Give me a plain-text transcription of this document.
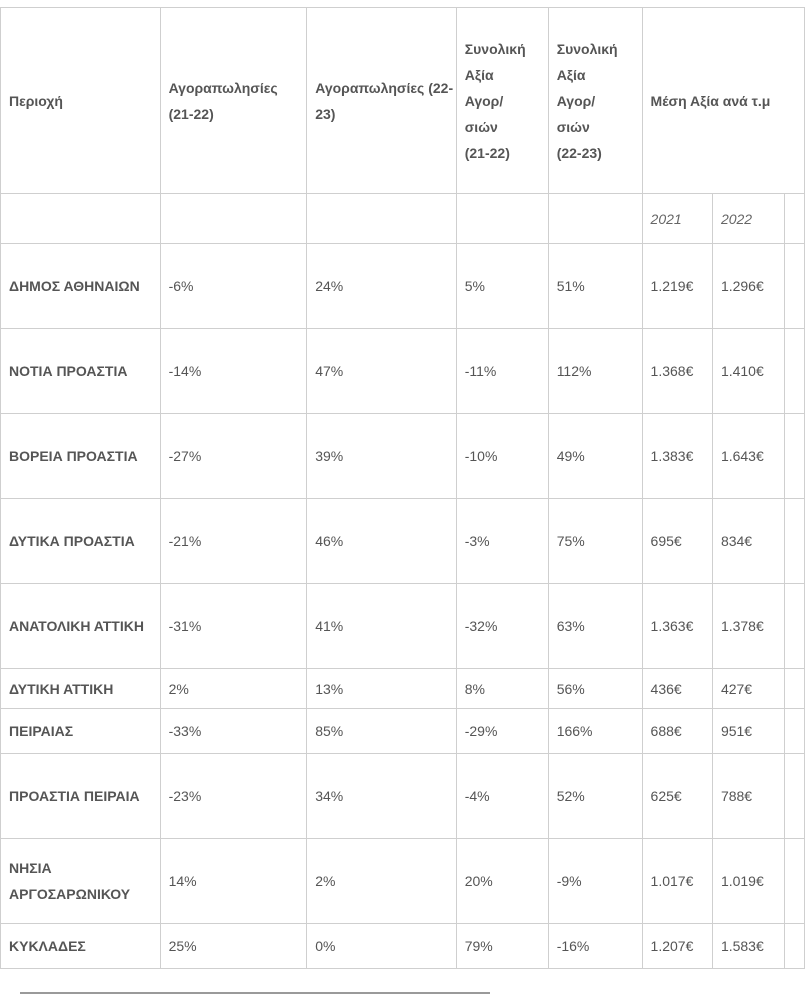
Περιοχή	Αγοραπωλησίες (21-22)	Αγοραπωλησίες (22-23)	Συνολική
Αξία
Αγορ/
σιών
(21-22)	Συνολική
Αξία
Αγορ/
σιών
(22-23)	Μέση Αξία ανά τ.μ		
					2021	2022	
ΔΗΜΟΣ ΑΘΗΝΑΙΩΝ	-6%	24%	5%	51%	1.219€	1.296€	
ΝΟΤΙΑ ΠΡΟΑΣΤΙΑ	-14%	47%	-11%	112%	1.368€	1.410€	
ΒΟΡΕΙΑ ΠΡΟΑΣΤΙΑ	-27%	39%	-10%	49%	1.383€	1.643€	
ΔΥΤΙΚΑ ΠΡΟΑΣΤΙΑ	-21%	46%	-3%	75%	695€	834€	
ΑΝΑΤΟΛΙΚΗ ΑΤΤΙΚΗ	-31%	41%	-32%	63%	1.363€	1.378€	
ΔΥΤΙΚΗ ΑΤΤΙΚΗ	2%	13%	8%	56%	436€	427€	
ΠΕΙΡΑΙΑΣ	-33%	85%	-29%	166%	688€	951€	
ΠΡΟΑΣΤΙΑ ΠΕΙΡΑΙΑ	-23%	34%	-4%	52%	625€	788€	
ΝΗΣΙΑ ΑΡΓΟΣΑΡΩΝΙΚΟΥ	14%	2%	20%	-9%	1.017€	1.019€	
ΚΥΚΛΑΔΕΣ	25%	0%	79%	-16%	1.207€	1.583€	
